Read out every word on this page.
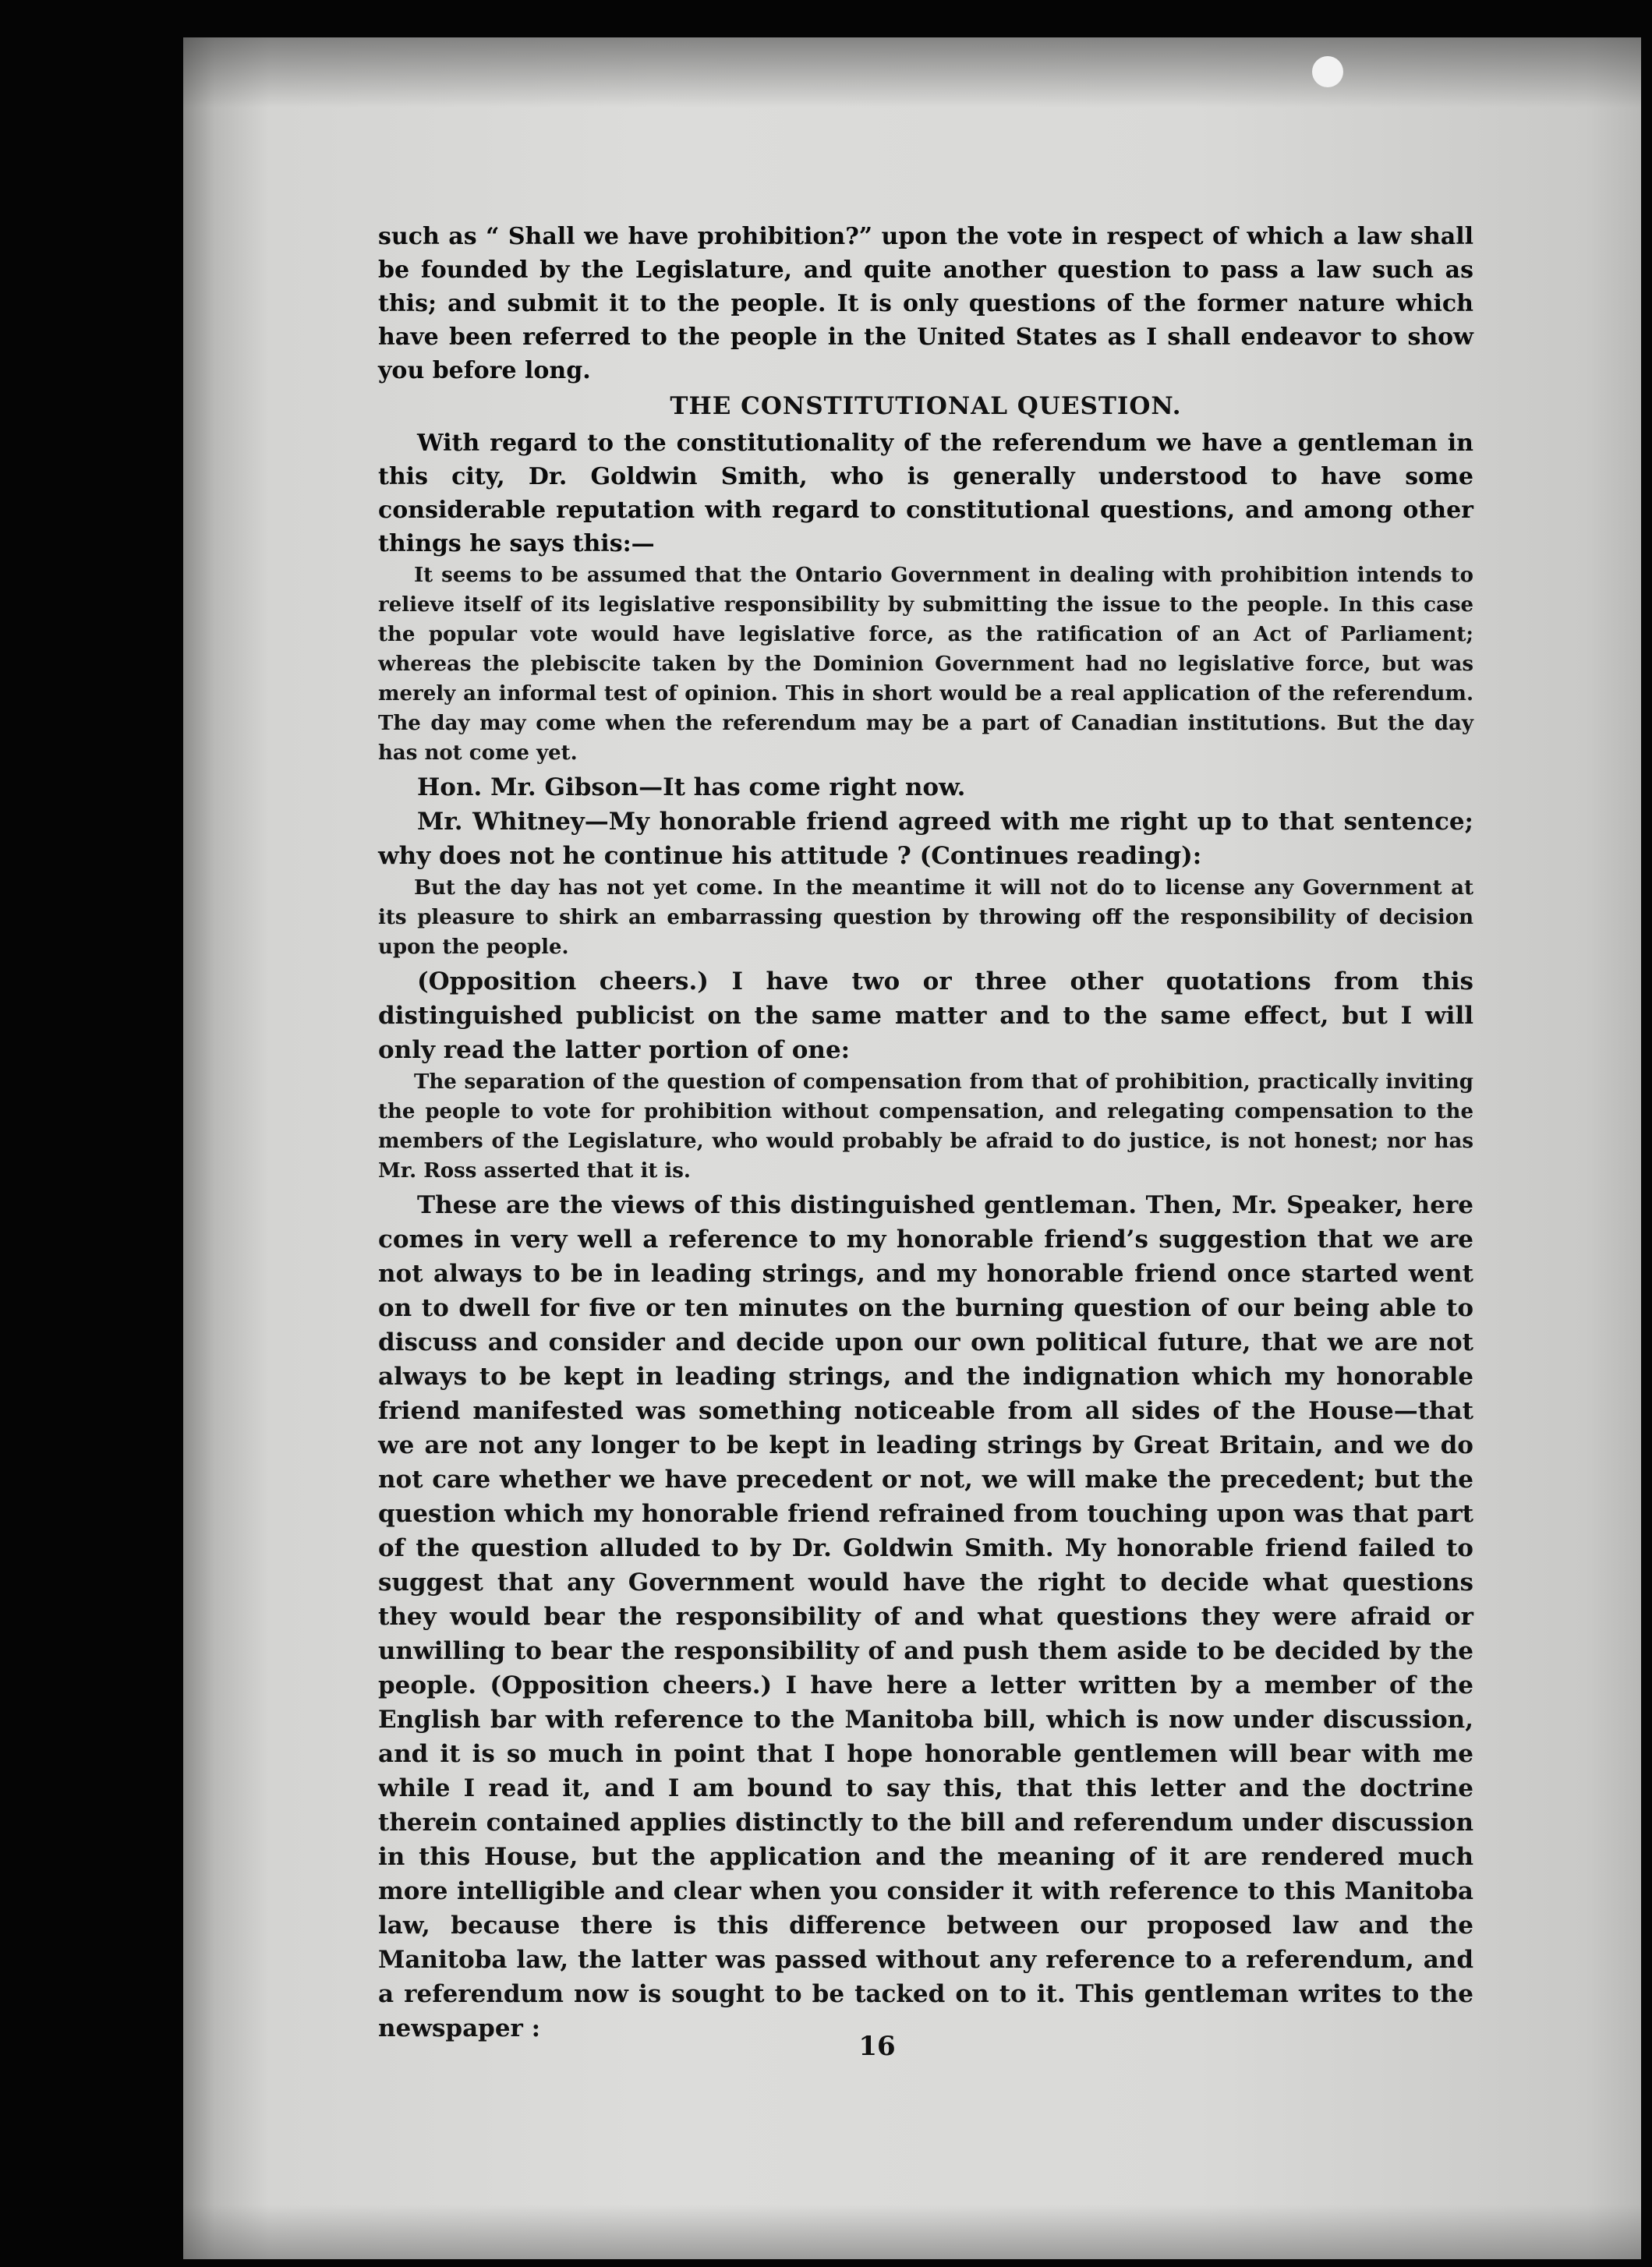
such as “ Shall we have prohibition?” upon the vote in respect of which a law shall be founded by the Legislature, and quite another question to pass a law such as this; and submit it to the people. It is only questions of the former nature which have been referred to the people in the United States as I shall endeavor to show you before long.

THE CONSTITUTIONAL QUESTION.

With regard to the constitutionality of the referendum we have a gentleman in this city, Dr. Goldwin Smith, who is generally understood to have some considerable reputation with regard to constitutional questions, and among other things he says this:—

It seems to be assumed that the Ontario Government in dealing with prohibition intends to relieve itself of its legislative responsibility by submitting the issue to the people. In this case the popular vote would have legislative force, as the ratification of an Act of Parliament; whereas the plebiscite taken by the Dominion Government had no legislative force, but was merely an informal test of opinion. This in short would be a real application of the referendum. The day may come when the referendum may be a part of Canadian institutions. But the day has not come yet.

Hon. Mr. Gibson—It has come right now.

Mr. Whitney—My honorable friend agreed with me right up to that sentence; why does not he continue his attitude ? (Continues reading):

But the day has not yet come. In the meantime it will not do to license any Government at its pleasure to shirk an embarrassing question by throwing off the responsibility of decision upon the people.

(Opposition cheers.) I have two or three other quotations from this distinguished publicist on the same matter and to the same effect, but I will only read the latter portion of one:

The separation of the question of compensation from that of prohibition, practically inviting the people to vote for prohibition without compensation, and relegating compensation to the members of the Legislature, who would probably be afraid to do justice, is not honest; nor has Mr. Ross asserted that it is.

These are the views of this distinguished gentleman. Then, Mr. Speaker, here comes in very well a reference to my honorable friend’s suggestion that we are not always to be in leading strings, and my honorable friend once started went on to dwell for five or ten minutes on the burning question of our being able to discuss and consider and decide upon our own political future, that we are not always to be kept in leading strings, and the indignation which my honorable friend manifested was something noticeable from all sides of the House—that we are not any longer to be kept in leading strings by Great Britain, and we do not care whether we have precedent or not, we will make the precedent; but the question which my honorable friend refrained from touching upon was that part of the question alluded to by Dr. Goldwin Smith. My honorable friend failed to suggest that any Government would have the right to decide what questions they would bear the responsibility of and what questions they were afraid or unwilling to bear the responsibility of and push them aside to be decided by the people. (Opposition cheers.) I have here a letter written by a member of the English bar with reference to the Manitoba bill, which is now under discussion, and it is so much in point that I hope honorable gentlemen will bear with me while I read it, and I am bound to say this, that this letter and the doctrine therein contained applies distinctly to the bill and referendum under discussion in this House, but the application and the meaning of it are rendered much more intelligible and clear when you consider it with reference to this Manitoba law, because there is this difference between our proposed law and the Manitoba law, the latter was passed without any reference to a referendum, and a referendum now is sought to be tacked on to it. This gentleman writes to the newspaper :

16
